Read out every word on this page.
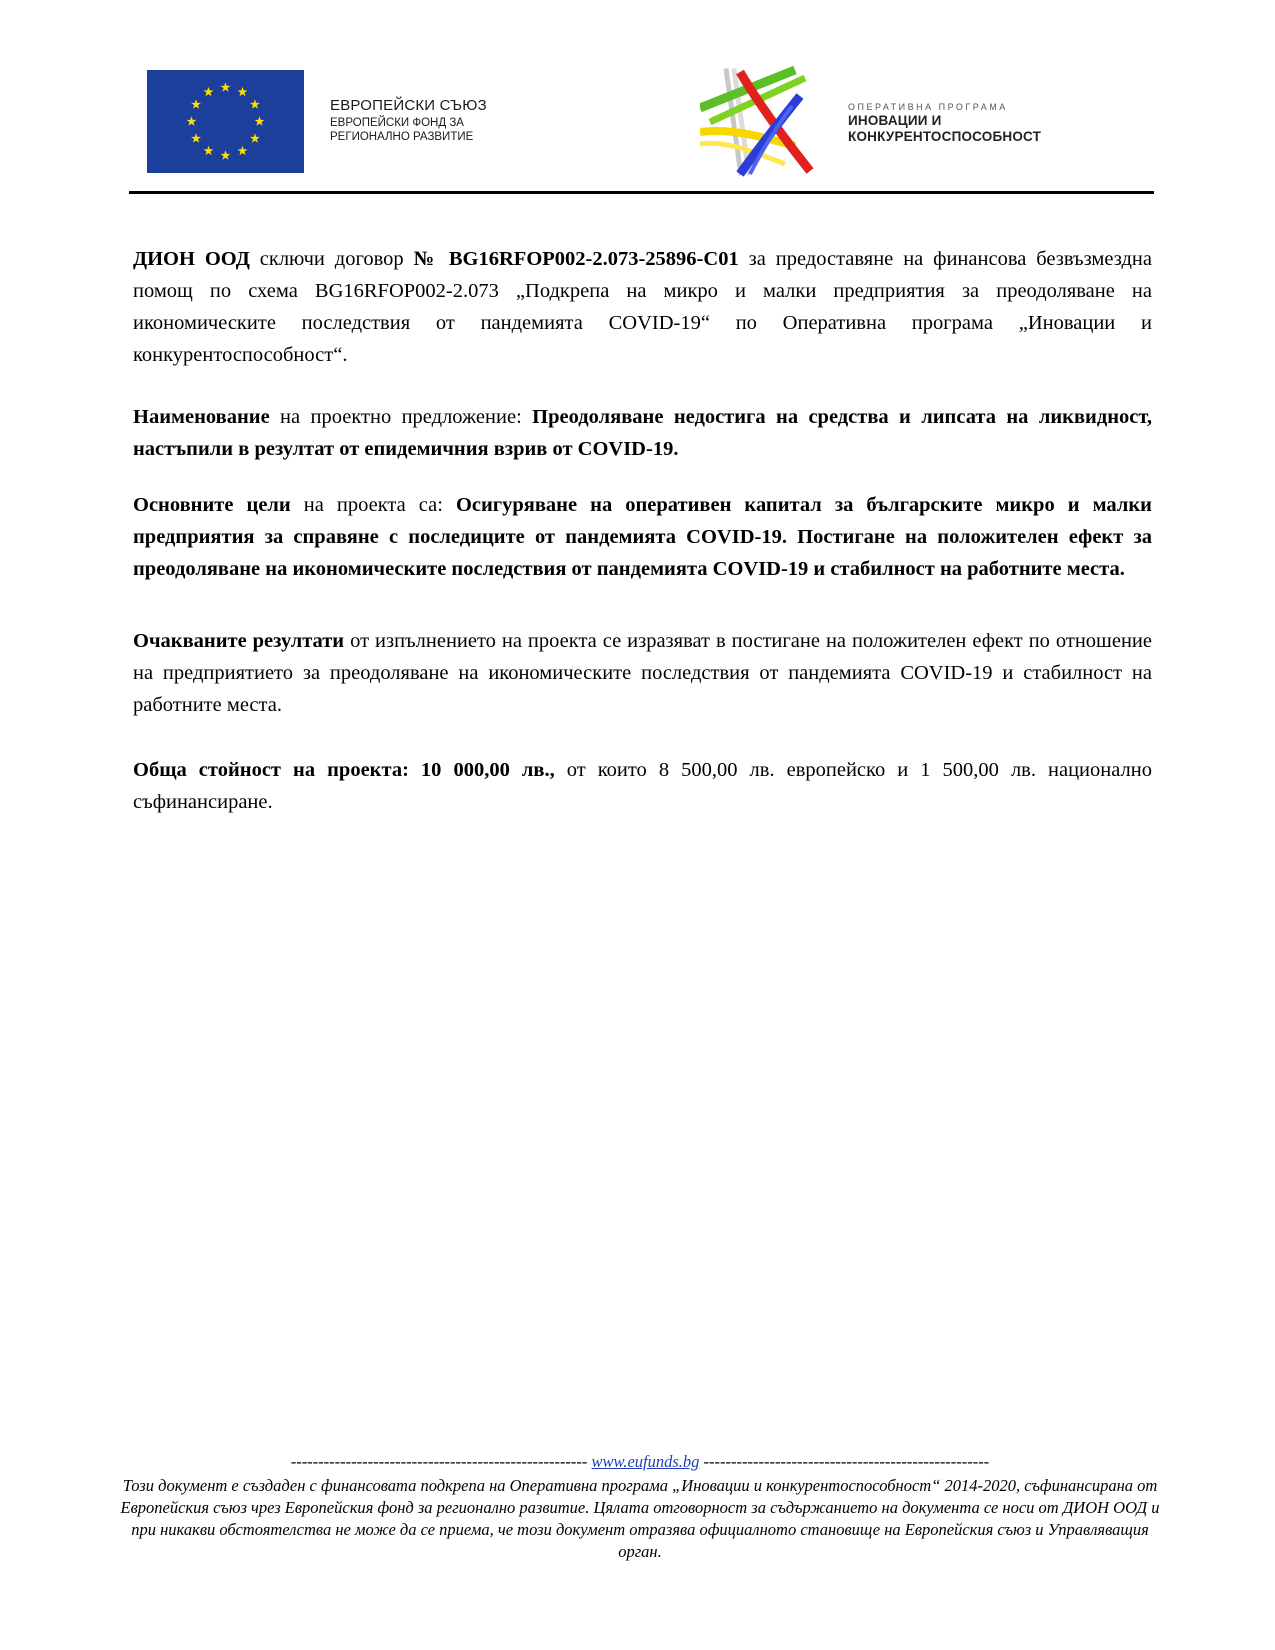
ЕВРОПЕЙСКИ СЪЮЗ
ЕВРОПЕЙСКИ ФОНД ЗА
РЕГИОНАЛНО РАЗВИТИЕ
ОПЕРАТИВНА ПРОГРАМА
ИНОВАЦИИ И
КОНКУРЕНТОСПОСОБНОСТ

ДИОН ООД сключи договор № BG16RFOP002-2.073-25896-C01 за предоставяне на финансова безвъзмездна помощ по схема BG16RFOP002-2.073 „Подкрепа на микро и малки предприятия за преодоляване на икономическите последствия от пандемията COVID-19“ по Оперативна програма „Иновации и конкурентоспособност“.

Наименование на проектно предложение: Преодоляване недостига на средства и липсата на ликвидност, настъпили в резултат от епидемичния взрив от COVID-19.

Основните цели на проекта са: Осигуряване на оперативен капитал за българските микро и малки предприятия за справяне с последиците от пандемията COVID-19. Постигане на положителен ефект за преодоляване на икономическите последствия от пандемията COVID-19 и стабилност на работните места.

Очакваните резултати от изпълнението на проекта се изразяват в постигане на положителен ефект по отношение на предприятието за преодоляване на икономическите последствия от пандемията COVID-19 и стабилност на работните места.

Обща стойност на проекта: 10 000,00 лв., от които 8 500,00 лв. европейско и 1 500,00 лв. национално съфинансиране.

------------------------------------------------------ www.eufunds.bg ----------------------------------------------------
Този документ е създаден с финансовата подкрепа на Оперативна програма „Иновации и конкурентоспособност“ 2014-2020, съфинансирана от Европейския съюз чрез Европейския фонд за регионално развитие. Цялата отговорност за съдържанието на документа се носи от ДИОН ООД и при никакви обстоятелства не може да се приема, че този документ отразява официалното становище на Европейския съюз и Управляващия орган.
